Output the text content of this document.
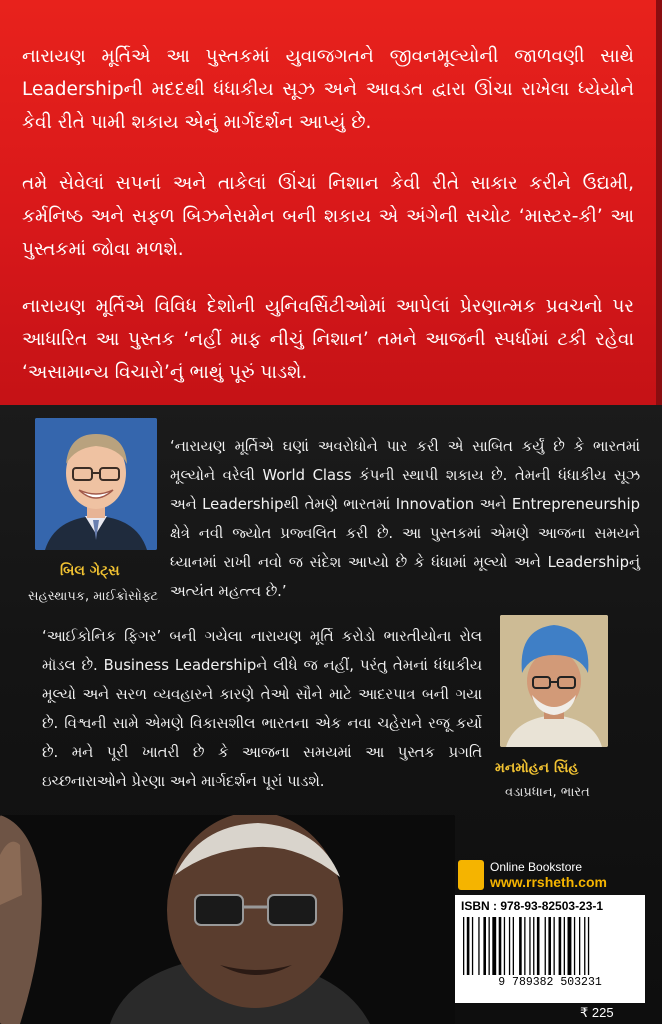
નારાયણ મૂર્તિએ આ પુસ્તકમાં યુવાજગતને જીવનમૂલ્યોની જાળવણી સાથે Leadershipની મદદથી ધંધાકીય સૂઝ અને આવડત દ્વારા ઊંચા રાખેલા ધ્યેયોને કેવી રીતે પામી શકાય એનું માર્ગદર્શન આપ્યું છે.

તમે સેવેલાં સપનાં અને તાકેલાં ઊંચાં નિશાન કેવી રીતે સાકાર કરીને ઉદ્યમી, કર્મનિષ્ઠ અને સફળ બિઝનેસમેન બની શકાય એ અંગેની સચોટ ‘માસ્ટર-કી’ આ પુસ્તકમાં જોવા મળશે.

નારાયણ મૂર્તિએ વિવિધ દેશોની યુનિવર્સિટીઓમાં આપેલાં પ્રેરણાત્મક પ્રવચનો પર આધારિત આ પુસ્તક ‘નહીં માફ નીચું નિશાન’ તમને આજની સ્પર્ધામાં ટકી રહેવા ‘અસામાન્ય વિચારો’નું ભાથું પૂરું પાડશે.

બિલ ગેટ્સ
સહસ્થાપક, માઈક્રોસોફ્ટ

‘નારાયણ મૂર્તિએ ઘણાં અવરોધોને પાર કરી એ સાબિત કર્યું છે કે ભારતમાં મૂલ્યોને વરેલી World Class કંપની સ્થાપી શકાય છે. તેમની ધંધાકીય સૂઝ અને Leadershipથી તેમણે ભારતમાં Innovation અને Entrepreneurship ક્ષેત્રે નવી જ્યોત પ્રજ્વલિત કરી છે. આ પુસ્તકમાં એમણે આજના સમયને ધ્યાનમાં રાખી નવો જ સંદેશ આપ્યો છે કે ધંધામાં મૂલ્યો અને Leadershipનું અત્યંત મહત્ત્વ છે.’

મનમોહન સિંહ
વડાપ્રધાન, ભારત

‘આઈકોનિક ફિગર’ બની ગયેલા નારાયણ મૂર્તિ કરોડો ભારતીયોના રોલ મૉડલ છે. Business Leadershipને લીધે જ નહીં, પરંતુ તેમનાં ધંધાકીય મૂલ્યો અને સરળ વ્યવહારને કારણે તેઓ સૌને માટે આદરપાત્ર બની ગયા છે. વિશ્વની સામે એમણે વિકાસશીલ ભારતના એક નવા ચહેરાને રજૂ કર્યો છે. મને પૂરી ખાતરી છે કે આજના સમયમાં આ પુસ્તક પ્રગતિ ઇચ્છનારાઓને પ્રેરણા અને માર્ગદર્શન પૂરાં પાડશે.

Online Bookstore
www.rrsheth.com
ISBN : 978-93-82503-23-1
9 789382 503231
₹ 225
